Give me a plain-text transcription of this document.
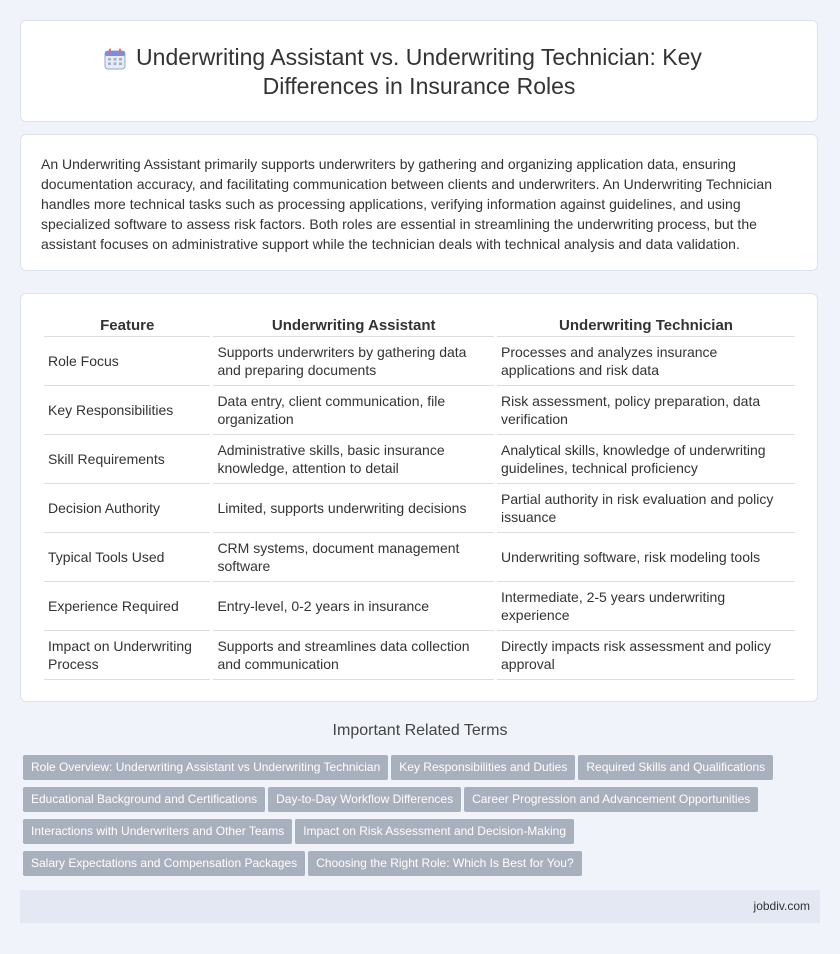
Underwriting Assistant vs. Underwriting Technician: Key
Differences in Insurance Roles
An Underwriting Assistant primarily supports underwriters by gathering and organizing application data, ensuring documentation accuracy, and facilitating communication between clients and underwriters. An Underwriting Technician handles more technical tasks such as processing applications, verifying information against guidelines, and using specialized software to assess risk factors. Both roles are essential in streamlining the underwriting process, but the assistant focuses on administrative support while the technician deals with technical analysis and data validation.
Feature	Underwriting Assistant	Underwriting Technician
Role Focus	Supports underwriters by gathering data and preparing documents	Processes and analyzes insurance applications and risk data
Key Responsibilities	Data entry, client communication, file organization	Risk assessment, policy preparation, data verification
Skill Requirements	Administrative skills, basic insurance knowledge, attention to detail	Analytical skills, knowledge of underwriting guidelines, technical proficiency
Decision Authority	Limited, supports underwriting decisions	Partial authority in risk evaluation and policy issuance
Typical Tools Used	CRM systems, document management software	Underwriting software, risk modeling tools
Experience Required	Entry-level, 0-2 years in insurance	Intermediate, 2-5 years underwriting experience
Impact on Underwriting Process	Supports and streamlines data collection and communication	Directly impacts risk assessment and policy approval
Important Related Terms
Role Overview: Underwriting Assistant vs Underwriting Technician Key Responsibilities and Duties Required Skills and Qualifications
Educational Background and Certifications Day-to-Day Workflow Differences Career Progression and Advancement Opportunities
Interactions with Underwriters and Other Teams Impact on Risk Assessment and Decision-Making
Salary Expectations and Compensation Packages Choosing the Right Role: Which Is Best for You?
jobdiv.com
